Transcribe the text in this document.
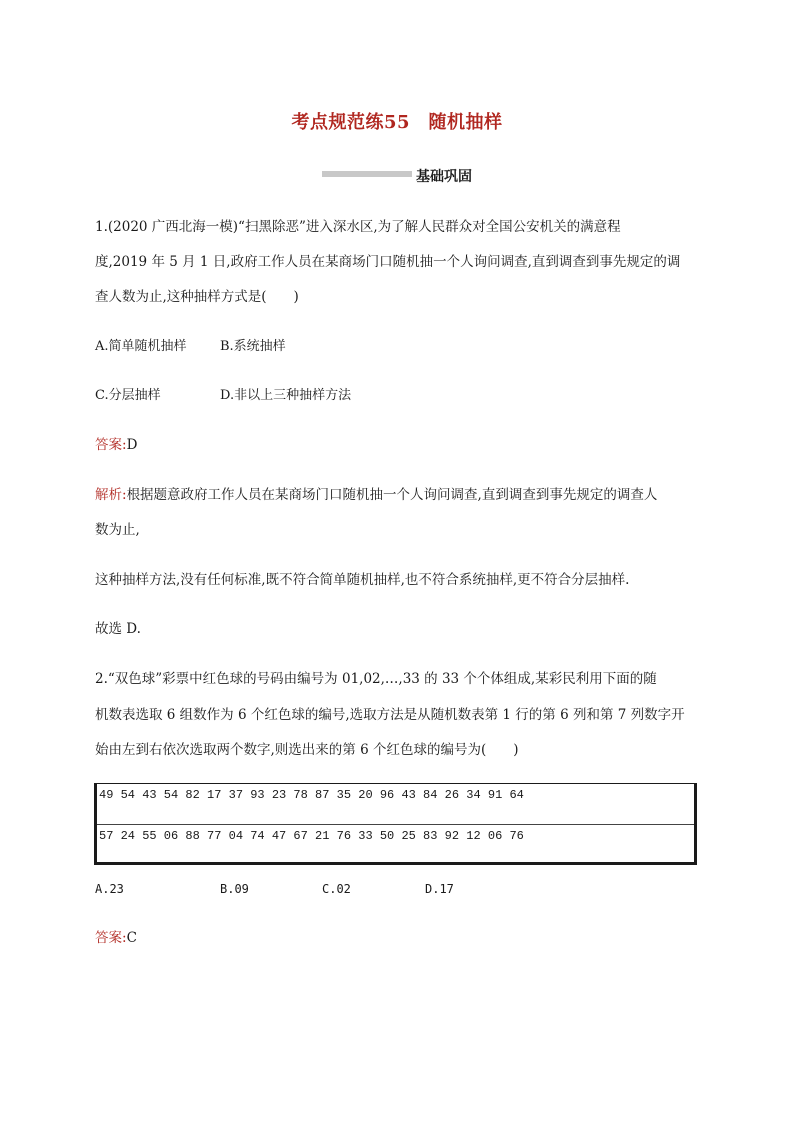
考点规范练55　随机抽样
基础巩固
1.(2020 广西北海一模)“扫黑除恶”进入深水区,为了解人民群众对全国公安机关的满意程
度,2019 年 5 月 1 日,政府工作人员在某商场门口随机抽一个人询问调查,直到调查到事先规定的调
查人数为止,这种抽样方式是(　　)
A.简单随机抽样	B.系统抽样
C.分层抽样	D.非以上三种抽样方法
答案:D
解析:根据题意政府工作人员在某商场门口随机抽一个人询问调查,直到调查到事先规定的调查人
数为止,
这种抽样方法,没有任何标准,既不符合简单随机抽样,也不符合系统抽样,更不符合分层抽样.
故选 D.
2.“双色球”彩票中红色球的号码由编号为 01,02,…,33 的 33 个个体组成,某彩民利用下面的随
机数表选取 6 组数作为 6 个红色球的编号,选取方法是从随机数表第 1 行的第 6 列和第 7 列数字开
始由左到右依次选取两个数字,则选出来的第 6 个红色球的编号为(　　)
49 54 43 54 82 17 37 93 23 78 87 35 20 96 43 84 26 34 91 64
57 24 55 06 88 77 04 74 47 67 21 76 33 50 25 83 92 12 06 76
A.23	B.09	C.02	D.17
答案:C
